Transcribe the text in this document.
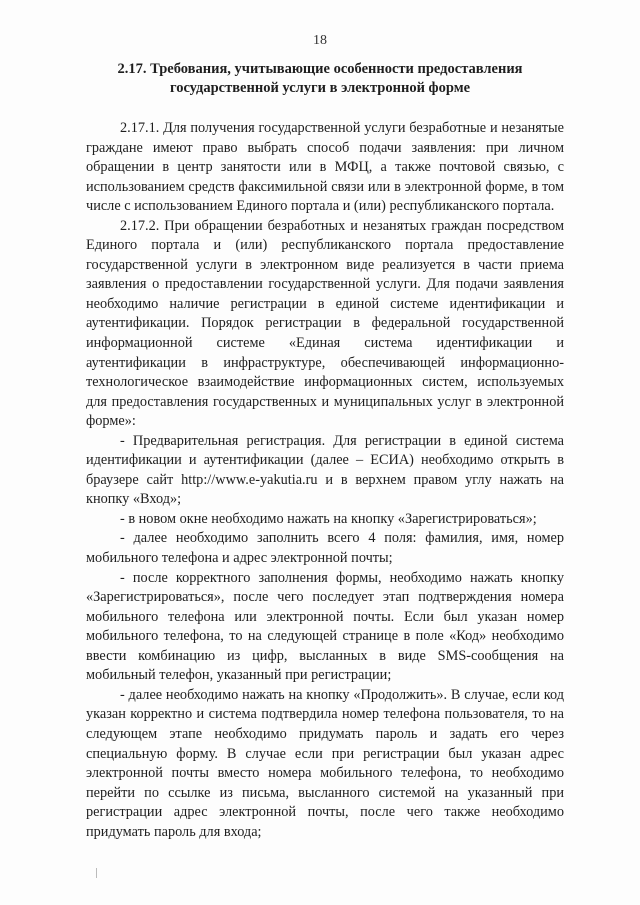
18
2.17. Требования, учитывающие особенности предоставления государственной услуги в электронной форме

2.17.1. Для получения государственной услуги безработные и незанятые граждане имеют право выбрать способ подачи заявления: при личном обращении в центр занятости или в МФЦ, а также почтовой связью, с использованием средств факсимильной связи или в электронной форме, в том числе с использованием Единого портала и (или) республиканского портала.

2.17.2. При обращении безработных и незанятых граждан посредством Единого портала и (или) республиканского портала предоставление государственной услуги в электронном виде реализуется в части приема заявления о предоставлении государственной услуги. Для подачи заявления необходимо наличие регистрации в единой системе идентификации и аутентификации. Порядок регистрации в федеральной государственной информационной системе «Единая система идентификации и аутентификации в инфраструктуре, обеспечивающей информационно-технологическое взаимодействие информационных систем, используемых для предоставления государственных и муниципальных услуг в электронной форме»:

- Предварительная регистрация. Для регистрации в единой система идентификации и аутентификации (далее – ЕСИА) необходимо открыть в браузере сайт http://www.e-yakutia.ru и в верхнем правом углу нажать на кнопку «Вход»;

- в новом окне необходимо нажать на кнопку «Зарегистрироваться»;

- далее необходимо заполнить всего 4 поля: фамилия, имя, номер мобильного телефона и адрес электронной почты;

- после корректного заполнения формы, необходимо нажать кнопку «Зарегистрироваться», после чего последует этап подтверждения номера мобильного телефона или электронной почты. Если был указан номер мобильного телефона, то на следующей странице в поле «Код» необходимо ввести комбинацию из цифр, высланных в виде SMS-сообщения на мобильный телефон, указанный при регистрации;

- далее необходимо нажать на кнопку «Продолжить». В случае, если код указан корректно и система подтвердила номер телефона пользователя, то на следующем этапе необходимо придумать пароль и задать его через специальную форму. В случае если при регистрации был указан адрес электронной почты вместо номера мобильного телефона, то необходимо перейти по ссылке из письма, высланного системой на указанный при регистрации адрес электронной почты, после чего также необходимо придумать пароль для входа;
